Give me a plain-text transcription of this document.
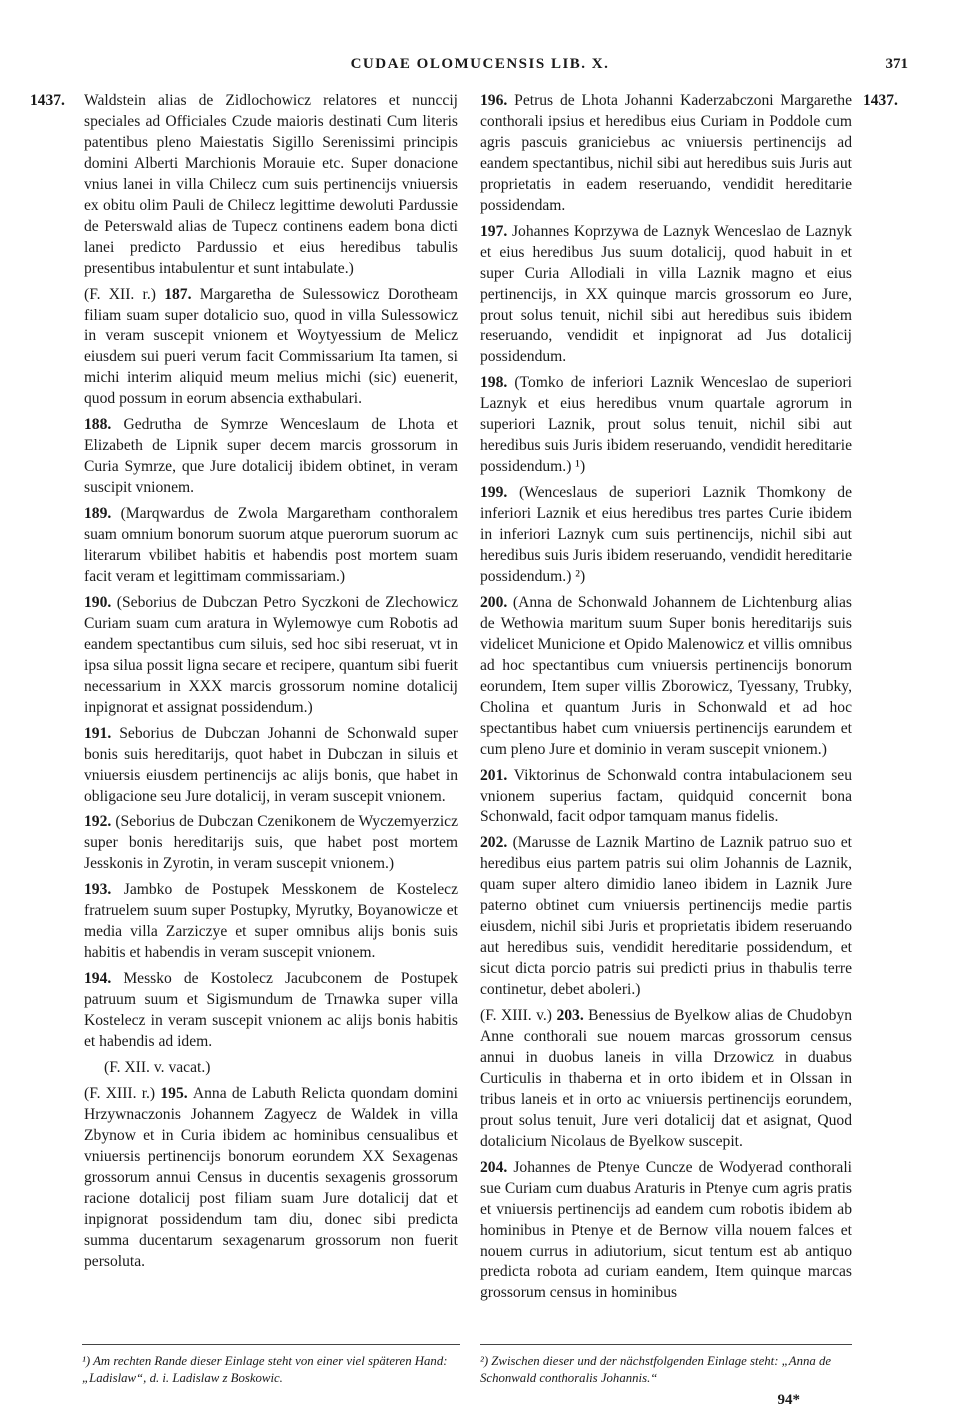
CUDAE OLOMUCENSIS LIB. X.	371
1437.	1437.

Waldstein alias de Zidlochowicz relatores et nunccij speciales ad Officiales Czude maioris destinati Cum literis patentibus pleno Maiestatis Sigillo Serenissimi principis domini Alberti Marchionis Morauie etc. Super donacione vnius lanei in villa Chilecz cum suis pertinencijs vniuersis ex obitu olim Pauli de Chilecz legittime dewoluti Pardussie de Peterswald alias de Tupecz continens eadem bona dicti lanei predicto Pardussio et eius heredibus tabulis presentibus intabulentur et sunt intabulate.)

(F. XII. r.) 187. Margaretha de Sulessowicz Dorotheam filiam suam super dotalicio suo, quod in villa Sulessowicz in veram suscepit vnionem et Woytyessium de Melicz eiusdem sui pueri verum facit Commissarium Ita tamen, si michi interim aliquid meum melius michi (sic) euenerit, quod possum in eorum absencia exthabulari.

188. Gedrutha de Symrze Wenceslaum de Lhota et Elizabeth de Lipnik super decem marcis grossorum in Curia Symrze, que Jure dotalicij ibidem obtinet, in veram suscipit vnionem.

189. (Marqwardus de Zwola Margaretham conthoralem suam omnium bonorum suorum atque puerorum suorum ac literarum vbilibet habitis et habendis post mortem suam facit veram et legittimam commissariam.)

190. (Seborius de Dubczan Petro Syczkoni de Zlechowicz Curiam suam cum aratura in Wylemowye cum Robotis ad eandem spectantibus cum siluis, sed hoc sibi reseruat, vt in ipsa silua possit ligna secare et recipere, quantum sibi fuerit necessarium in XXX marcis grossorum nomine dotalicij inpignorat et assignat possidendum.)

191. Seborius de Dubczan Johanni de Schonwald super bonis suis hereditarijs, quot habet in Dubczan in siluis et vniuersis eiusdem pertinencijs ac alijs bonis, que habet in obligacione seu Jure dotalicij, in veram suscepit vnionem.

192. (Seborius de Dubczan Czenikonem de Wyczemyerzicz super bonis hereditarijs suis, que habet post mortem Jesskonis in Zyrotin, in veram suscepit vnionem.)

193. Jambko de Postupek Messkonem de Kostelecz fratruelem suum super Postupky, Myrutky, Boyanowicze et media villa Zarziczye et super omnibus alijs bonis suis habitis et habendis in veram suscepit vnionem.

194. Messko de Kostolecz Jacubconem de Postupek patruum suum et Sigismundum de Trnawka super villa Kostelecz in veram suscepit vnionem ac alijs bonis habitis et habendis ad idem.

(F. XII. v. vacat.)

(F. XIII. r.) 195. Anna de Labuth Relicta quondam domini Hrzywnaczonis Johannem Zagyecz de Waldek in villa Zbynow et in Curia ibidem ac hominibus censualibus et vniuersis pertinencijs bonorum eorundem XX Sexagenas grossorum annui Census in ducentis sexagenis grossorum racione dotalicij post filiam suam Jure dotalicij dat et inpignorat possidendum tam diu, donec sibi predicta summa ducentarum sexagenarum grossorum non fuerit persoluta.

196. Petrus de Lhota Johanni Kaderzabczoni Margarethe conthorali ipsius et heredibus eius Curiam in Poddole cum agris pascuis graniciebus ac vniuersis pertinencijs ad eandem spectantibus, nichil sibi aut heredibus suis Juris aut proprietatis in eadem reseruando, vendidit hereditarie possidendam.

197. Johannes Koprzywa de Laznyk Wenceslao de Laznyk et eius heredibus Jus suum dotalicij, quod habuit in et super Curia Allodiali in villa Laznik magno et eius pertinencijs, in XX quinque marcis grossorum eo Jure, prout solus tenuit, nichil sibi aut heredibus suis ibidem reseruando, vendidit et inpignorat ad Jus dotalicij possidendum.

198. (Tomko de inferiori Laznik Wenceslao de superiori Laznyk et eius heredibus vnum quartale agrorum in superiori Laznik, prout solus tenuit, nichil sibi aut heredibus suis Juris ibidem reseruando, vendidit hereditarie possidendum.) ¹)

199. (Wenceslaus de superiori Laznik Thomkony de inferiori Laznik et eius heredibus tres partes Curie ibidem in inferiori Laznyk cum suis pertinencijs, nichil sibi aut heredibus suis Juris ibidem reseruando, vendidit hereditarie possidendum.) ²)

200. (Anna de Schonwald Johannem de Lichtenburg alias de Wethowia maritum suum Super bonis hereditarijs suis videlicet Municione et Opido Malenowicz et villis omnibus ad hoc spectantibus cum vniuersis pertinencijs bonorum eorundem, Item super villis Zborowicz, Tyessany, Trubky, Cholina et quantum Juris in Schonwald et ad hoc spectantibus habet cum vniuersis pertinencijs earundem et cum pleno Jure et dominio in veram suscepit vnionem.)

201. Viktorinus de Schonwald contra intabulacionem seu vnionem superius factam, quidquid concernit bona Schonwald, facit odpor tamquam manus fidelis.

202. (Marusse de Laznik Martino de Laznik patruo suo et heredibus eius partem patris sui olim Johannis de Laznik, quam super altero dimidio laneo ibidem in Laznik Jure paterno obtinet cum vniuersis pertinencijs medie partis eiusdem, nichil sibi Juris et proprietatis ibidem reseruando aut heredibus suis, vendidit hereditarie possidendum, et sicut dicta porcio patris sui predicti prius in thabulis terre continetur, debet aboleri.)

(F. XIII. v.) 203. Benessius de Byelkow alias de Chudobyn Anne conthorali sue nouem marcas grossorum census annui in duobus laneis in villa Drzowicz in duabus Curticulis in thaberna et in orto ibidem et in Olssan in tribus laneis et in orto ac vniuersis pertinencijs eorundem, prout solus tenuit, Jure veri dotalicij dat et asignat, Quod dotalicium Nicolaus de Byelkow suscepit.

204. Johannes de Ptenye Cuncze de Wodyerad conthorali sue Curiam cum duabus Araturis in Ptenye cum agris pratis et vniuersis pertinencijs ad eandem cum robotis ibidem ab hominibus in Ptenye et de Bernow villa nouem falces et nouem currus in adiutorium, sicut tentum est ab antiquo predicta robota ad curiam eandem, Item quinque marcas grossorum census in hominibus

¹) Am rechten Rande dieser Einlage steht von einer viel späteren Hand: „Ladislaw“, d. i. Ladislaw z Boskowic.
²) Zwischen dieser und der nächstfolgenden Einlage steht: „Anna de Schonwald conthoralis Johannis.“
94*
